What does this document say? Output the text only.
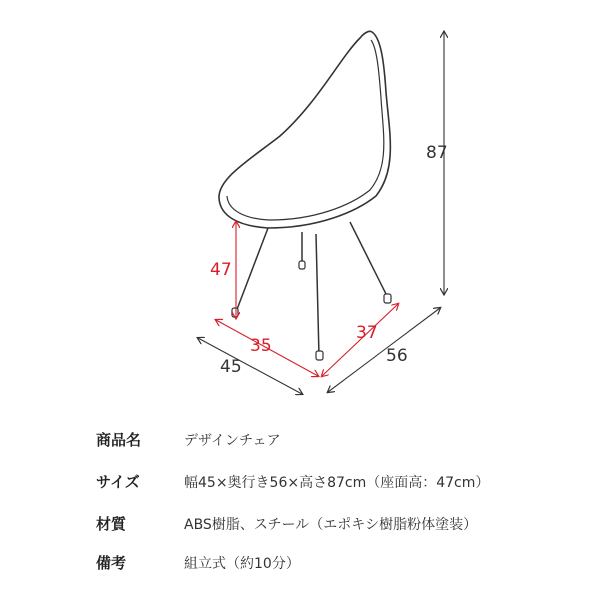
87
45
56
47
35
37
商品名	デザインチェア
サイズ	幅45×奥行き56×高さ87cm（座面高：47cm）
材質	ABS樹脂、スチール（エポキシ樹脂粉体塗装）
備考	組立式（約10分）
